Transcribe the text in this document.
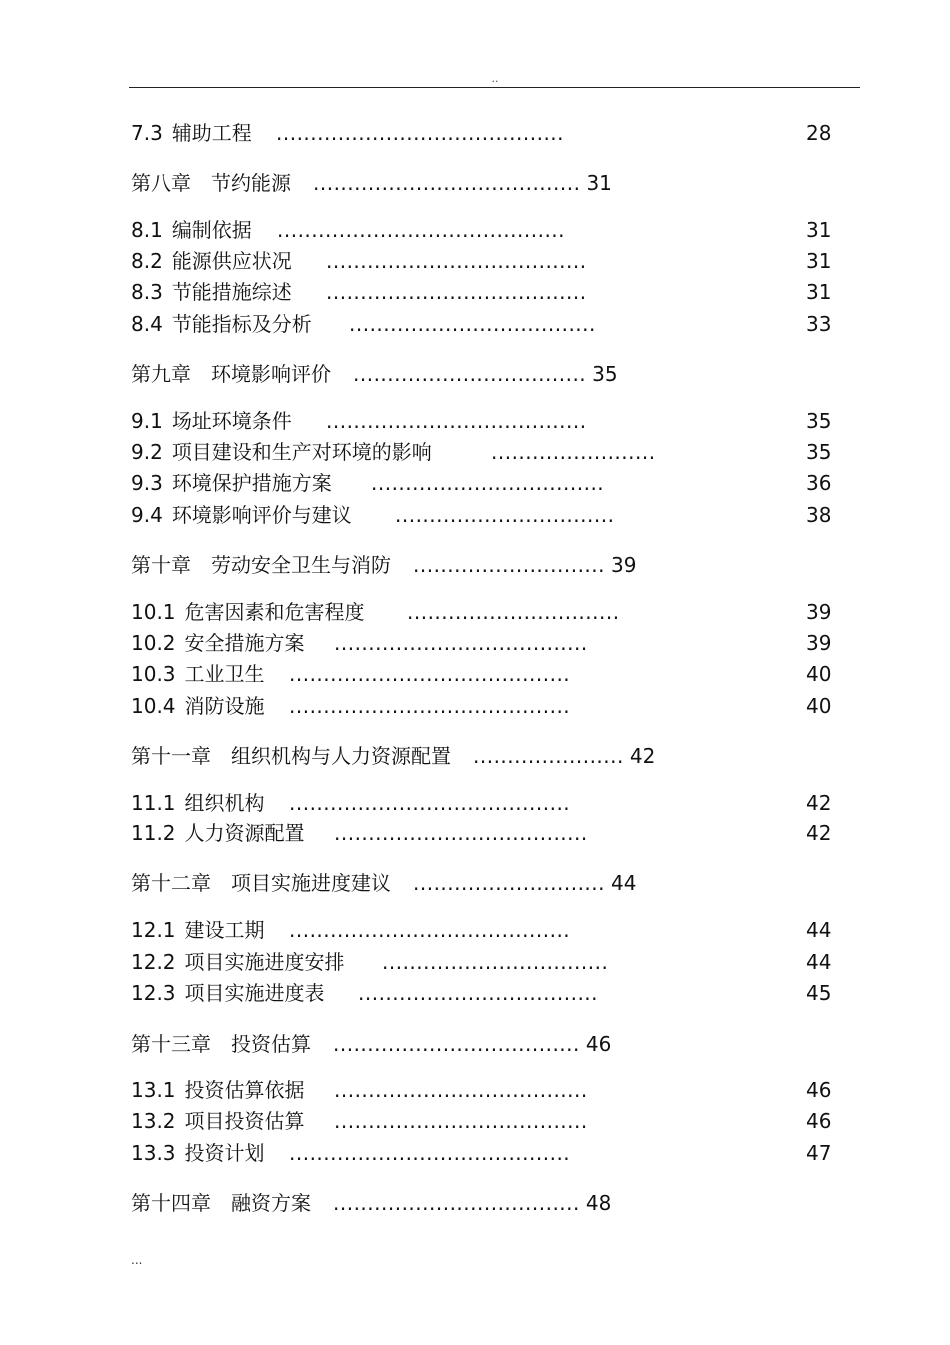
..
7.3 辅助工程 ..........................................	28
第八章 节约能源 ....................................... 31
8.1 编制依据 ..........................................	31
8.2 能源供应状况 ......................................	31
8.3 节能措施综述 ......................................	31
8.4 节能指标及分析 ....................................	33
第九章 环境影响评价 .................................. 35
9.1 场址环境条件 ......................................	35
9.2 项目建设和生产对环境的影响	........................	35
9.3 环境保护措施方案 ..................................	36
9.4 环境影响评价与建议 ................................	38
第十章 劳动安全卫生与消防 ............................ 39
10.1 危害因素和危害程度 ...............................	39
10.2 安全措施方案 .....................................	39
10.3 工业卫生 .........................................	40
10.4 消防设施 .........................................	40
第十一章 组织机构与人力资源配置 ...................... 42
11.1 组织机构 .........................................	42
11.2 人力资源配置 .....................................	42
第十二章 项目实施进度建议 ............................ 44
12.1 建设工期 .........................................	44
12.2 项目实施进度安排 .................................	44
12.3 项目实施进度表 ...................................	45
第十三章 投资估算 .................................... 46
13.1 投资估算依据 .....................................	46
13.2 项目投资估算 .....................................	46
13.3 投资计划 .........................................	47
第十四章 融资方案 .................................... 48
...
